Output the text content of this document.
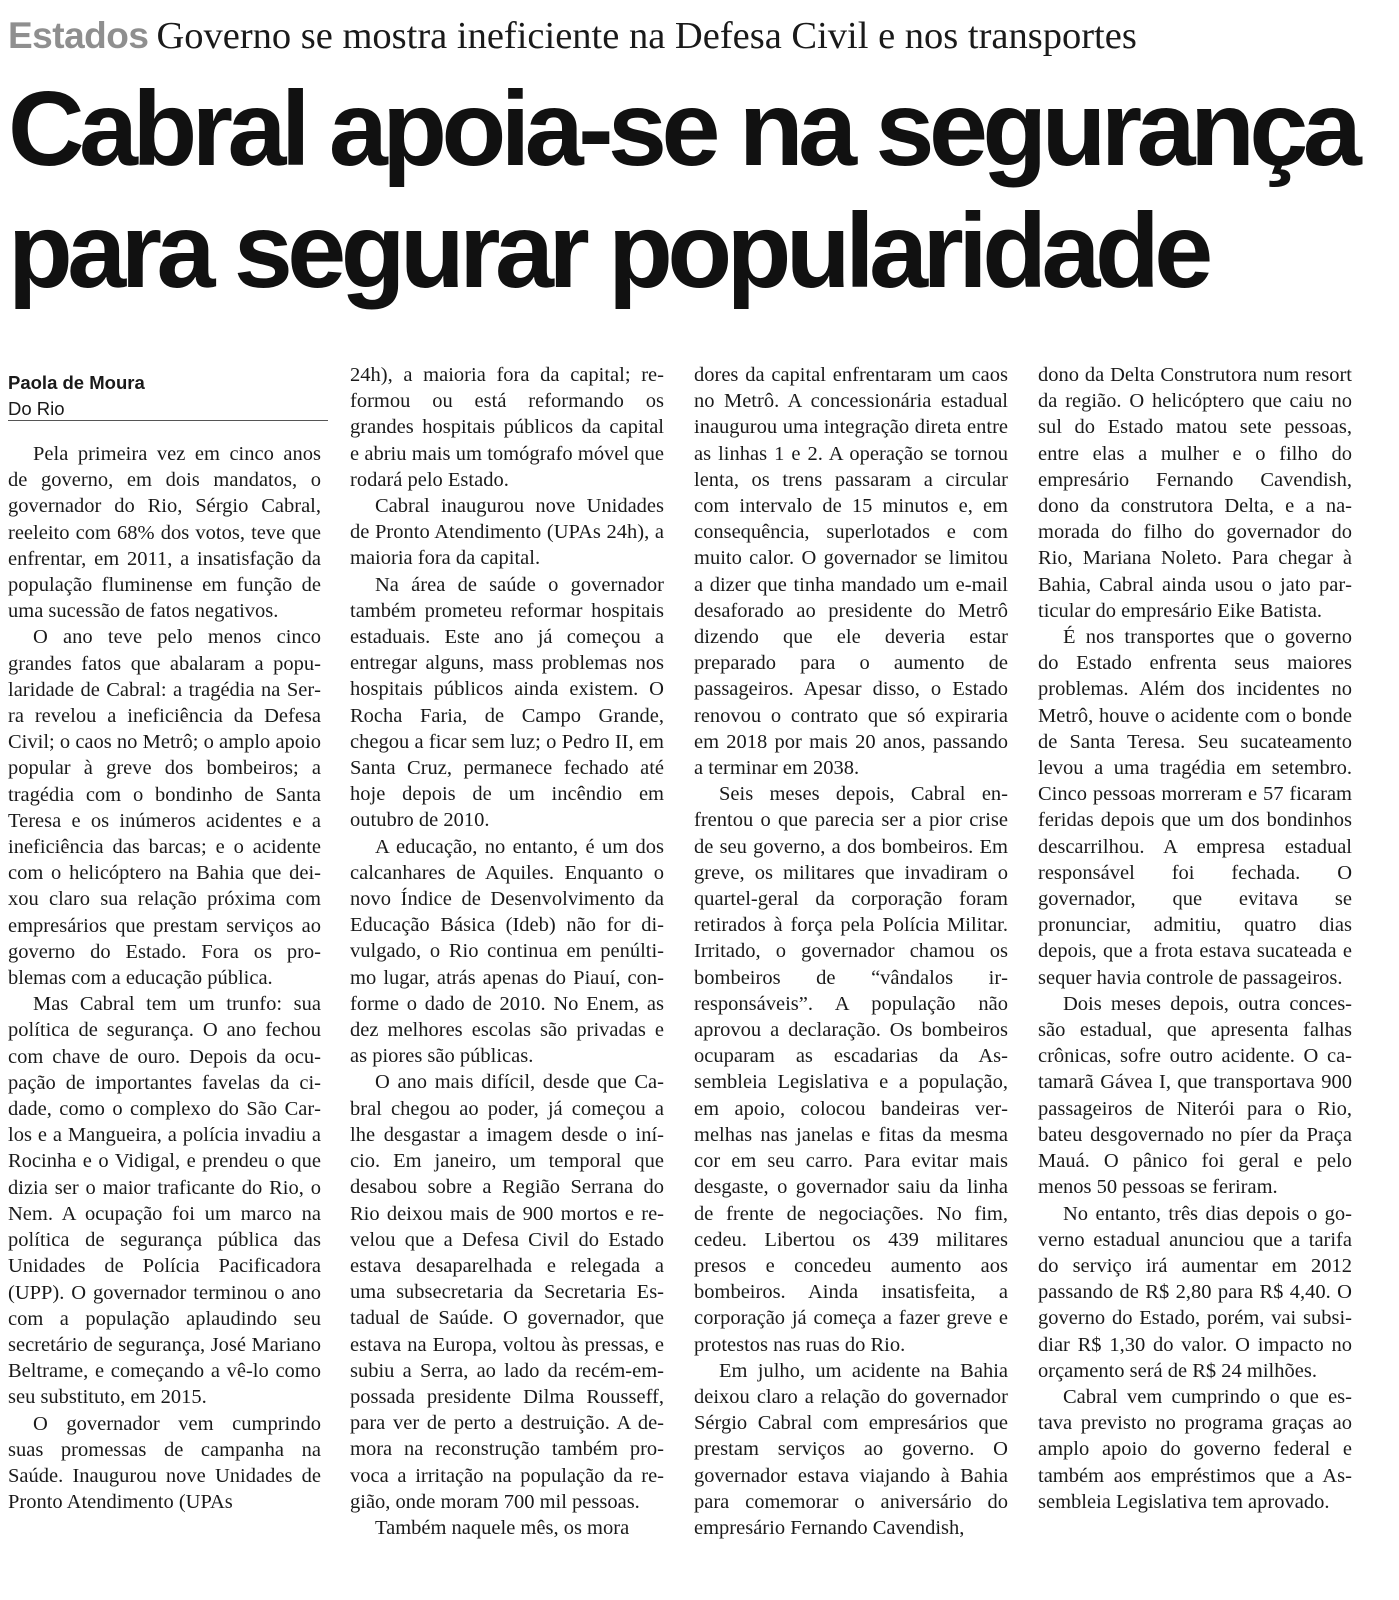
Estados Governo se mostra ineficiente na Defesa Civil e nos transportes
Cabral apoia-se na segurança
para segurar popularidade
Paola de Moura
Do Rio

Pela primeira vez em cinco anos de governo, em dois mandatos, o governador do Rio, Sérgio Cabral, reeleito com 68% dos votos, teve que enfrentar, em 2011, a insatisfação da população fluminense em função de uma sucessão de fatos negativos.

O ano teve pelo menos cinco grandes fatos que abalaram a popularidade de Cabral: a tragédia na Serra revelou a ineficiência da Defesa Civil; o caos no Metrô; o amplo apoio popular à greve dos bombeiros; a tragédia com o bondinho de Santa Teresa e os inúmeros acidentes e a ineficiência das barcas; e o acidente com o helicóptero na Bahia que deixou claro sua relação próxima com empresários que prestam serviços ao governo do Estado. Fora os problemas com a educação pública.

Mas Cabral tem um trunfo: sua política de segurança. O ano fechou com chave de ouro. Depois da ocupação de importantes favelas da cidade, como o complexo do São Carlos e a Mangueira, a polícia invadiu a Rocinha e o Vidigal, e prendeu o que dizia ser o maior traficante do Rio, o Nem. A ocupação foi um marco na política de segurança pública das Unidades de Polícia Pacificadora (UPP). O governador terminou o ano com a população aplaudindo seu secretário de segurança, José Mariano Beltrame, e começando a vê-lo como seu substituto, em 2015.

O governador vem cumprindo suas promessas de campanha na Saúde. Inaugurou nove Unidades de Pronto Atendimento (UPAs

24h), a maioria fora da capital; reformou ou está reformando os grandes hospitais públicos da capital e abriu mais um tomógrafo móvel que rodará pelo Estado.

Cabral inaugurou nove Unidades de Pronto Atendimento (UPAs 24h), a maioria fora da capital.

Na área de saúde o governador também prometeu reformar hospitais estaduais. Este ano já começou a entregar alguns, mass problemas nos hospitais públicos ainda existem. O Rocha Faria, de Campo Grande, chegou a ficar sem luz; o Pedro II, em Santa Cruz, permanece fechado até hoje depois de um incêndio em outubro de 2010.

A educação, no entanto, é um dos calcanhares de Aquiles. Enquanto o novo Índice de Desenvolvimento da Educação Básica (Ideb) não for divulgado, o Rio continua em penúltimo lugar, atrás apenas do Piauí, conforme o dado de 2010. No Enem, as dez melhores escolas são privadas e as piores são públicas.

O ano mais difícil, desde que Cabral chegou ao poder, já começou a lhe desgastar a imagem desde o início. Em janeiro, um temporal que desabou sobre a Região Serrana do Rio deixou mais de 900 mortos e revelou que a Defesa Civil do Estado estava desaparelhada e relegada a uma subsecretaria da Secretaria Estadual de Saúde. O governador, que estava na Europa, voltou às pressas, e subiu a Serra, ao lado da recém-empossada presidente Dilma Rousseff, para ver de perto a destruição. A demora na reconstrução também provoca a irritação na população da região, onde moram 700 mil pessoas.

Também naquele mês, os mora

dores da capital enfrentaram um caos no Metrô. A concessionária estadual inaugurou uma integração direta entre as linhas 1 e 2. A operação se tornou lenta, os trens passaram a circular com intervalo de 15 minutos e, em consequência, superlotados e com muito calor. O governador se limitou a dizer que tinha mandado um e-mail desaforado ao presidente do Metrô dizendo que ele deveria estar preparado para o aumento de passageiros. Apesar disso, o Estado renovou o contrato que só expiraria em 2018 por mais 20 anos, passando a terminar em 2038.

Seis meses depois, Cabral enfrentou o que parecia ser a pior crise de seu governo, a dos bombeiros. Em greve, os militares que invadiram o quartel-geral da corporação foram retirados à força pela Polícia Militar. Irritado, o governador chamou os bombeiros de “vândalos irresponsáveis”. A população não aprovou a declaração. Os bombeiros ocuparam as escadarias da Assembleia Legislativa e a população, em apoio, colocou bandeiras vermelhas nas janelas e fitas da mesma cor em seu carro. Para evitar mais desgaste, o governador saiu da linha de frente de negociações. No fim, cedeu. Libertou os 439 militares presos e concedeu aumento aos bombeiros. Ainda insatisfeita, a corporação já começa a fazer greve e protestos nas ruas do Rio.

Em julho, um acidente na Bahia deixou claro a relação do governador Sérgio Cabral com empresários que prestam serviços ao governo. O governador estava viajando à Bahia para comemorar o aniversário do empresário Fernando Cavendish,

dono da Delta Construtora num resort da região. O helicóptero que caiu no sul do Estado matou sete pessoas, entre elas a mulher e o filho do empresário Fernando Cavendish, dono da construtora Delta, e a namorada do filho do governador do Rio, Mariana Noleto. Para chegar à Bahia, Cabral ainda usou o jato particular do empresário Eike Batista.

É nos transportes que o governo do Estado enfrenta seus maiores problemas. Além dos incidentes no Metrô, houve o acidente com o bonde de Santa Teresa. Seu sucateamento levou a uma tragédia em setembro. Cinco pessoas morreram e 57 ficaram feridas depois que um dos bondinhos descarrilhou. A empresa estadual responsável foi fechada. O governador, que evitava se pronunciar, admitiu, quatro dias depois, que a frota estava sucateada e sequer havia controle de passageiros.

Dois meses depois, outra concessão estadual, que apresenta falhas crônicas, sofre outro acidente. O catamarã Gávea I, que transportava 900 passageiros de Niterói para o Rio, bateu desgovernado no píer da Praça Mauá. O pânico foi geral e pelo menos 50 pessoas se feriram.

No entanto, três dias depois o governo estadual anunciou que a tarifa do serviço irá aumentar em 2012 passando de R$ 2,80 para R$ 4,40. O governo do Estado, porém, vai subsidiar R$ 1,30 do valor. O impacto no orçamento será de R$ 24 milhões.

Cabral vem cumprindo o que estava previsto no programa graças ao amplo apoio do governo federal e também aos empréstimos que a Assembleia Legislativa tem aprovado.
